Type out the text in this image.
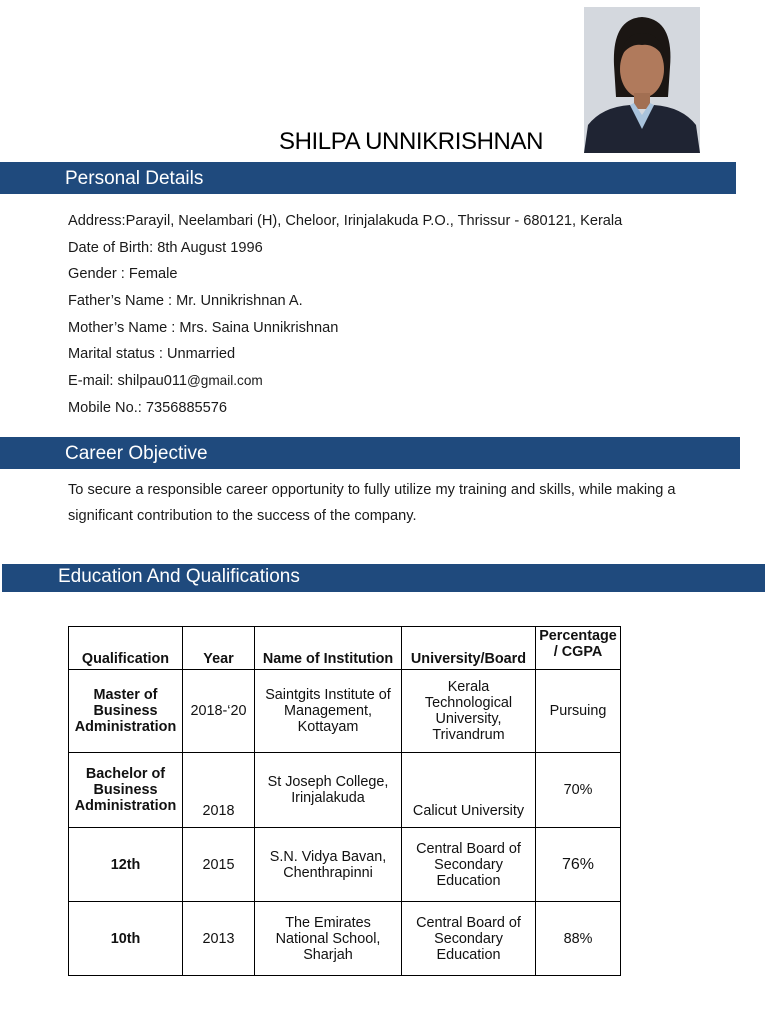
SHILPA UNNIKRISHNAN
Personal Details
Address:Parayil, Neelambari (H), Cheloor, Irinjalakuda P.O., Thrissur - 680121, Kerala
Date of Birth: 8th August 1996
Gender : Female
Father’s Name : Mr. Unnikrishnan A.
Mother’s Name : Mrs. Saina Unnikrishnan
Marital status : Unmarried
E-mail: shilpau011@gmail.com
Mobile No.: 7356885576
Career Objective
To secure a responsible career opportunity to fully utilize my training and skills, while making a significant contribution to the success of the company.
Education And Qualifications
Qualification	Year	Name of Institution	University/Board	Percentage / CGPA
Master of Business Administration	2018-‘20	Saintgits Institute of Management, Kottayam	Kerala Technological University, Trivandrum	Pursuing
Bachelor of Business Administration	2018	St Joseph College, Irinjalakuda	Calicut University	70%
12th	2015	S.N. Vidya Bavan, Chenthrapinni	Central Board of Secondary Education	76%
10th	2013	The Emirates National School, Sharjah	Central Board of Secondary Education	88%
